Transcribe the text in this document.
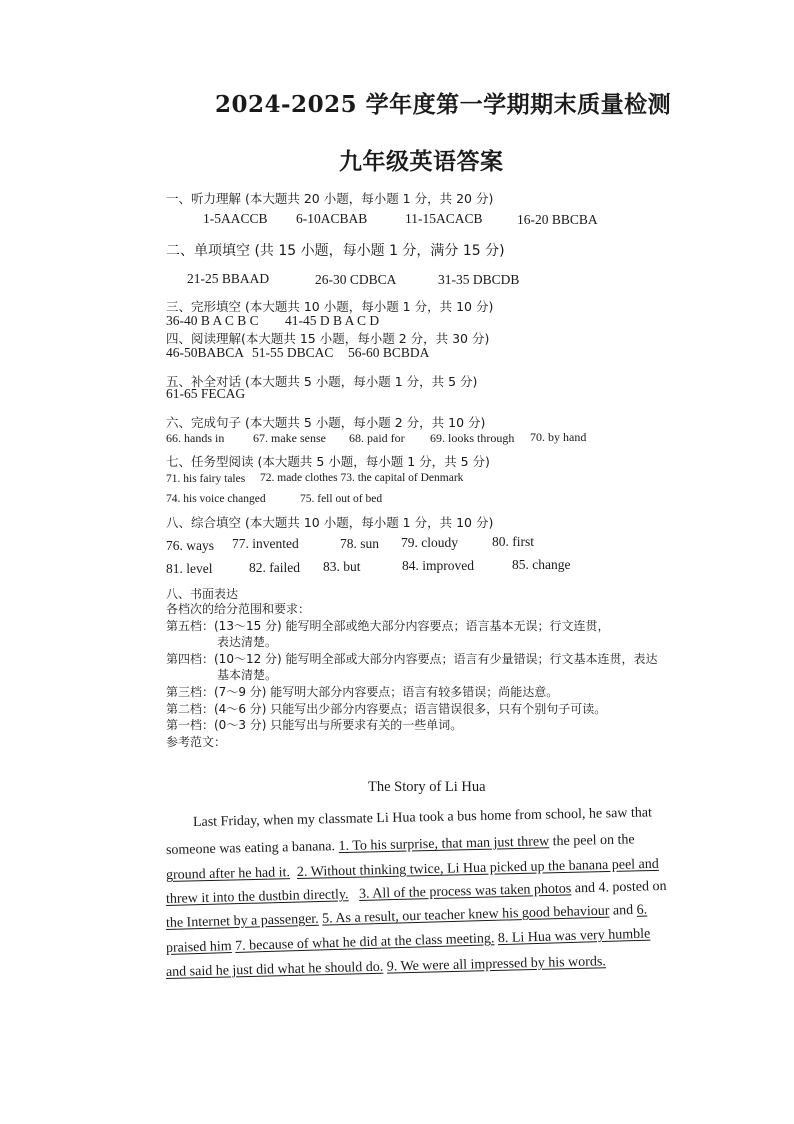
2024-2025 学年度第一学期期末质量检测
九年级英语答案
一、听力理解 (本大题共 20 小题，每小题 1 分，共 20 分)
1-5AACCB 6-10ACBAB	11-15ACACB	16-20 BBCBA
二、单项填空 (共 15 小题，每小题 1 分，满分 15 分)
21-25 BBAAD	26-30 CDBCA	31-35 DBCDB
三、完形填空 (本大题共 10 小题，每小题 1 分，共 10 分)
36-40 B A C B C 41-45 D B A C D
四、阅读理解(本大题共 15 小题，每小题 2 分，共 30 分)
46-50BABCA 51-55 DBCAC 56-60 BCBDA
五、补全对话 (本大题共 5 小题，每小题 1 分，共 5 分)
61-65 FECAG
六、完成句子 (本大题共 5 小题，每小题 2 分，共 10 分)
66. hands in 67. make sense 68. paid for 69. looks through 70. by hand
七、任务型阅读 (本大题共 5 小题，每小题 1 分，共 5 分)
71. his fairy tales 72. made clothes 73. the capital of Denmark
74. his voice changed	75. fell out of bed
八、综合填空 (本大题共 10 小题，每小题 1 分，共 10 分)
76. ways 77. invented	78. sun 79. cloudy	80. first
81. level	82. failed 83. but	84. improved	85. change
八、书面表达
各档次的给分范围和要求：
第五档：(13～15 分) 能写明全部或绝大部分内容要点；语言基本无误；行文连贯，
表达清楚。
第四档：(10～12 分) 能写明全部或大部分内容要点；语言有少量错误；行文基本连贯，表达
基本清楚。
第三档：(7～9 分) 能写明大部分内容要点；语言有较多错误；尚能达意。
第二档：(4～6 分) 只能写出少部分内容要点；语言错误很多，只有个别句子可读。
第一档：(0～3 分) 只能写出与所要求有关的一些单词。
参考范文：
The Story of Li Hua
Last Friday, when my classmate Li Hua took a bus home from school, he saw that
someone was eating a banana. 1. To his surprise, that man just threw the peel on the
ground after he had it. 2. Without thinking twice, Li Hua picked up the banana peel and
threw it into the dustbin directly. 3. All of the process was taken photos and 4. posted on
the Internet by a passenger. 5. As a result, our teacher knew his good behaviour and 6.
praised him 7. because of what he did at the class meeting. 8. Li Hua was very humble
and said he just did what he should do. 9. We were all impressed by his words.
